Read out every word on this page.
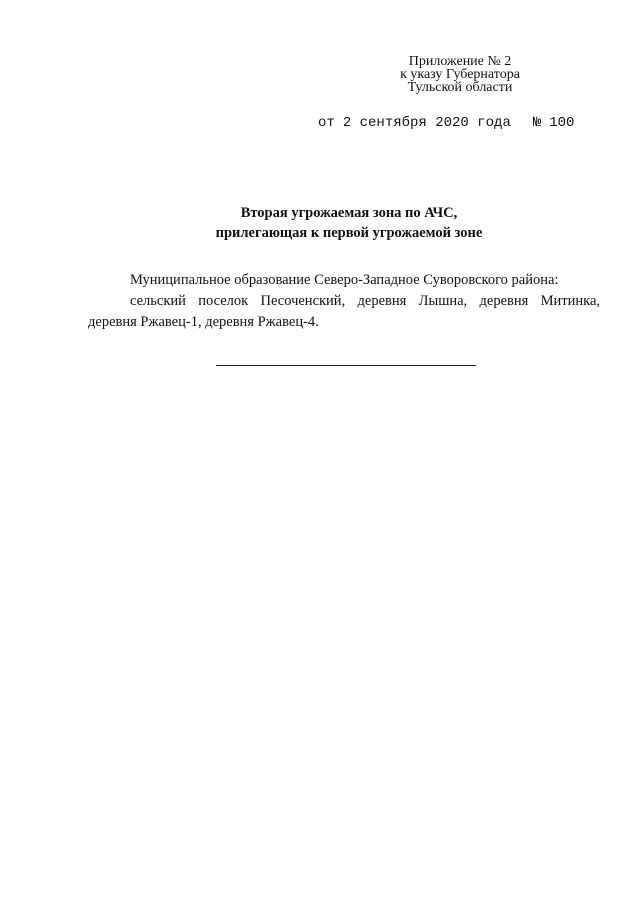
Приложение № 2
к указу Губернатора
Тульской области
от 2 сентября 2020 года № 100
Вторая угрожаемая зона по АЧС,
прилегающая к первой угрожаемой зоне

Муниципальное образование Северо-Западное Суворовского района:

сельский поселок Песоченский, деревня Лышна, деревня Митинка,

деревня Ржавец-1, деревня Ржавец-4.
